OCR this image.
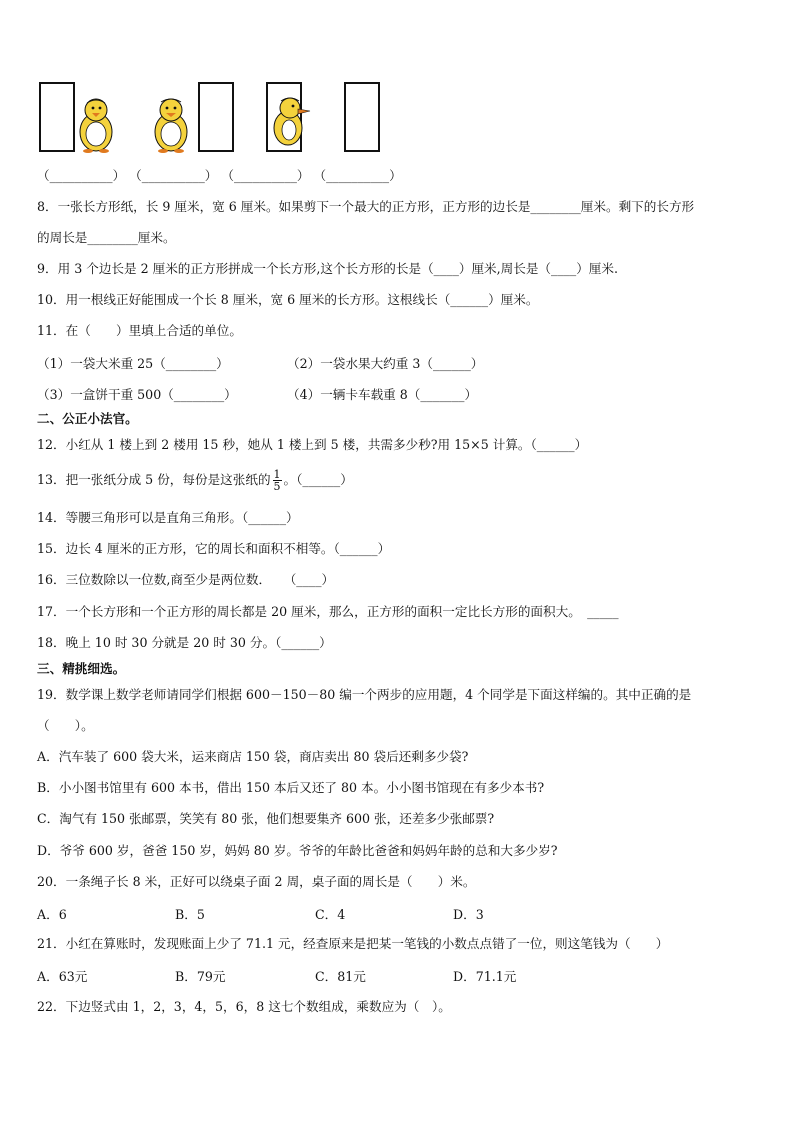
（__________） （__________） （__________） （__________）
8．一张长方形纸，长 9 厘米，宽 6 厘米。如果剪下一个最大的正方形，正方形的边长是________厘米。剩下的长方形
的周长是________厘米。
9．用 3 个边长是 2 厘米的正方形拼成一个长方形,这个长方形的长是（____）厘米,周长是（____）厘米.
10．用一根线正好能围成一个长 8 厘米，宽 6 厘米的长方形。这根线长（______）厘米。
11．在（　　）里填上合适的单位。
（1）一袋大米重 25（________）	（2）一袋水果大约重 3（______）
（3）一盒饼干重 500（________）	（4）一辆卡车载重 8（_______）
二、公正小法官。
12．小红从 1 楼上到 2 楼用 15 秒，她从 1 楼上到 5 楼，共需多少秒?用 15×5 计算。（______）
13．把一张纸分成 5 份，每份是这张纸的 $\frac{1}{5}$ 。（______）
14．等腰三角形可以是直角三角形。（______）
15．边长 4 厘米的正方形，它的周长和面积不相等。（______）
16．三位数除以一位数,商至少是两位数．　　（____）
17．一个长方形和一个正方形的周长都是 20 厘米，那么，正方形的面积一定比长方形的面积大。　_____
18．晚上 10 时 30 分就是 20 时 30 分。（______）
三、精挑细选。
19．数学课上数学老师请同学们根据 600－150－80 编一个两步的应用题，4 个同学是下面这样编的。其中正确的是
（　　）。
A．汽车装了 600 袋大米，运来商店 150 袋，商店卖出 80 袋后还剩多少袋?
B．小小图书馆里有 600 本书，借出 150 本后又还了 80 本。小小图书馆现在有多少本书?
C．淘气有 150 张邮票，笑笑有 80 张，他们想要集齐 600 张，还差多少张邮票?
D．爷爷 600 岁，爸爸 150 岁，妈妈 80 岁。爷爷的年龄比爸爸和妈妈年龄的总和大多少岁?
20．一条绳子长 8 米，正好可以绕桌子面 2 周，桌子面的周长是（　　）米。
A．6	B．5	C．4	D．3
21．小红在算账时，发现账面上少了 71.1 元，经查原来是把某一笔钱的小数点点错了一位，则这笔钱为（　　）
A．63元	B．79元	C．81元	D．71.1元
22．下边竖式由 1，2，3，4，5，6，8 这七个数组成，乘数应为（　）。
